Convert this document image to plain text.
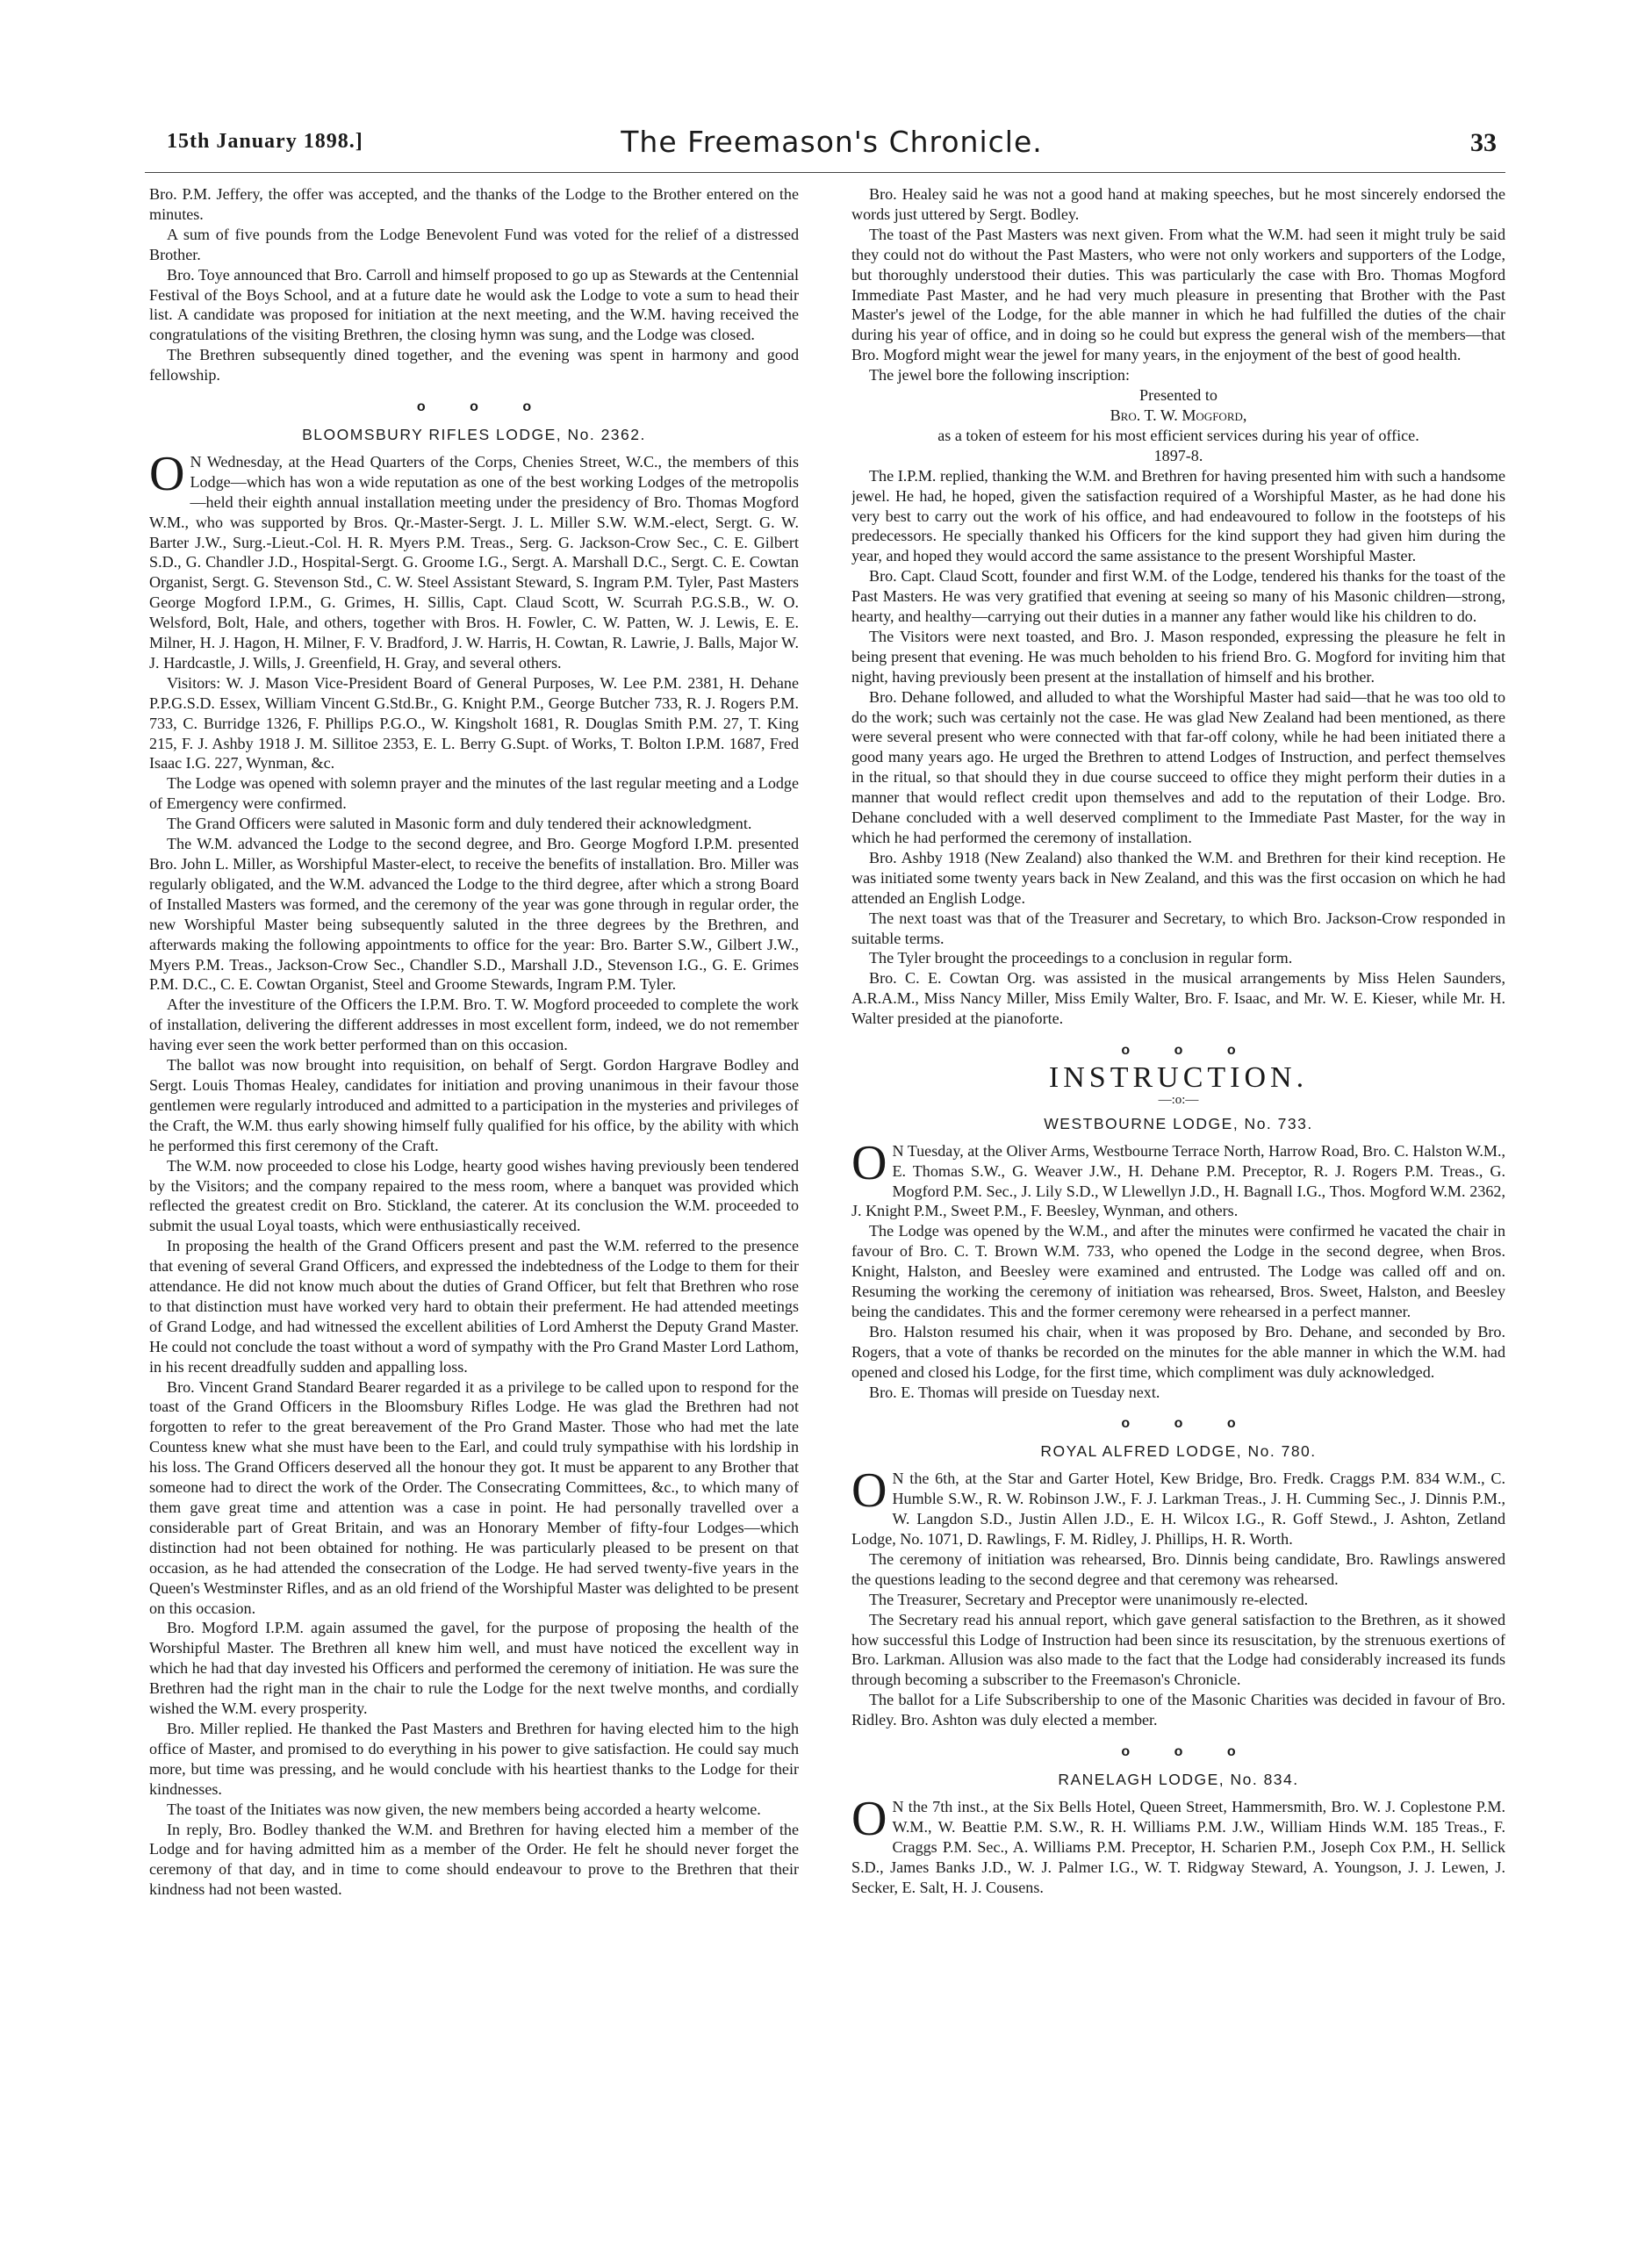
15th January 1898.]	The Freemason's Chronicle.	33

Bro. P.M. Jeffery, the offer was accepted, and the thanks of the Lodge to the Brother entered on the minutes.

A sum of five pounds from the Lodge Benevolent Fund was voted for the relief of a distressed Brother.

Bro. Toye announced that Bro. Carroll and himself proposed to go up as Stewards at the Centennial Festival of the Boys School, and at a future date he would ask the Lodge to vote a sum to head their list. A candidate was proposed for initiation at the next meeting, and the W.M. having received the congratulations of the visiting Brethren, the closing hymn was sung, and the Lodge was closed.

The Brethren subsequently dined together, and the evening was spent in harmony and good fellowship.

o o o
BLOOMSBURY RIFLES LODGE, No. 2362.

O N Wednesday, at the Head Quarters of the Corps, Chenies Street, W.C., the members of this Lodge—which has won a wide reputation as one of the best working Lodges of the metropolis—held their eighth annual installation meeting under the presidency of Bro. Thomas Mogford W.M., who was supported by Bros. Qr.-Master-Sergt. J. L. Miller S.W. W.M.-elect, Sergt. G. W. Barter J.W., Surg.-Lieut.-Col. H. R. Myers P.M. Treas., Serg. G. Jackson-Crow Sec., C. E. Gilbert S.D., G. Chandler J.D., Hospital-Sergt. G. Groome I.G., Sergt. A. Marshall D.C., Sergt. C. E. Cowtan Organist, Sergt. G. Stevenson Std., C. W. Steel Assistant Steward, S. Ingram P.M. Tyler, Past Masters George Mogford I.P.M., G. Grimes, H. Sillis, Capt. Claud Scott, W. Scurrah P.G.S.B., W. O. Welsford, Bolt, Hale, and others, together with Bros. H. Fowler, C. W. Patten, W. J. Lewis, E. E. Milner, H. J. Hagon, H. Milner, F. V. Bradford, J. W. Harris, H. Cowtan, R. Lawrie, J. Balls, Major W. J. Hardcastle, J. Wills, J. Greenfield, H. Gray, and several others.

Visitors: W. J. Mason Vice-President Board of General Purposes, W. Lee P.M. 2381, H. Dehane P.P.G.S.D. Essex, William Vincent G.Std.Br., G. Knight P.M., George Butcher 733, R. J. Rogers P.M. 733, C. Burridge 1326, F. Phillips P.G.O., W. Kingsholt 1681, R. Douglas Smith P.M. 27, T. King 215, F. J. Ashby 1918 J. M. Sillitoe 2353, E. L. Berry G.Supt. of Works, T. Bolton I.P.M. 1687, Fred Isaac I.G. 227, Wynman, &c.

The Lodge was opened with solemn prayer and the minutes of the last regular meeting and a Lodge of Emergency were confirmed.

The Grand Officers were saluted in Masonic form and duly tendered their acknowledgment.

The W.M. advanced the Lodge to the second degree, and Bro. George Mogford I.P.M. presented Bro. John L. Miller, as Worshipful Master-elect, to receive the benefits of installation. Bro. Miller was regularly obligated, and the W.M. advanced the Lodge to the third degree, after which a strong Board of Installed Masters was formed, and the ceremony of the year was gone through in regular order, the new Worshipful Master being subsequently saluted in the three degrees by the Brethren, and afterwards making the following appointments to office for the year: Bro. Barter S.W., Gilbert J.W., Myers P.M. Treas., Jackson-Crow Sec., Chandler S.D., Marshall J.D., Stevenson I.G., G. E. Grimes P.M. D.C., C. E. Cowtan Organist, Steel and Groome Stewards, Ingram P.M. Tyler.

After the investiture of the Officers the I.P.M. Bro. T. W. Mogford proceeded to complete the work of installation, delivering the different addresses in most excellent form, indeed, we do not remember having ever seen the work better performed than on this occasion.

The ballot was now brought into requisition, on behalf of Sergt. Gordon Hargrave Bodley and Sergt. Louis Thomas Healey, candidates for initiation and proving unanimous in their favour those gentlemen were regularly introduced and admitted to a participation in the mysteries and privileges of the Craft, the W.M. thus early showing himself fully qualified for his office, by the ability with which he performed this first ceremony of the Craft.

The W.M. now proceeded to close his Lodge, hearty good wishes having previously been tendered by the Visitors; and the company repaired to the mess room, where a banquet was provided which reflected the greatest credit on Bro. Stickland, the caterer. At its conclusion the W.M. proceeded to submit the usual Loyal toasts, which were enthusiastically received.

In proposing the health of the Grand Officers present and past the W.M. referred to the presence that evening of several Grand Officers, and expressed the indebtedness of the Lodge to them for their attendance. He did not know much about the duties of Grand Officer, but felt that Brethren who rose to that distinction must have worked very hard to obtain their preferment. He had attended meetings of Grand Lodge, and had witnessed the excellent abilities of Lord Amherst the Deputy Grand Master. He could not conclude the toast without a word of sympathy with the Pro Grand Master Lord Lathom, in his recent dreadfully sudden and appalling loss.

Bro. Vincent Grand Standard Bearer regarded it as a privilege to be called upon to respond for the toast of the Grand Officers in the Bloomsbury Rifles Lodge. He was glad the Brethren had not forgotten to refer to the great bereavement of the Pro Grand Master. Those who had met the late Countess knew what she must have been to the Earl, and could truly sympathise with his lordship in his loss. The Grand Officers deserved all the honour they got. It must be apparent to any Brother that someone had to direct the work of the Order. The Consecrating Committees, &c., to which many of them gave great time and attention was a case in point. He had personally travelled over a considerable part of Great Britain, and was an Honorary Member of fifty-four Lodges—which distinction had not been obtained for nothing. He was particularly pleased to be present on that occasion, as he had attended the consecration of the Lodge. He had served twenty-five years in the Queen's Westminster Rifles, and as an old friend of the Worshipful Master was delighted to be present on this occasion.

Bro. Mogford I.P.M. again assumed the gavel, for the purpose of proposing the health of the Worshipful Master. The Brethren all knew him well, and must have noticed the excellent way in which he had that day invested his Officers and performed the ceremony of initiation. He was sure the Brethren had the right man in the chair to rule the Lodge for the next twelve months, and cordially wished the W.M. every prosperity.

Bro. Miller replied. He thanked the Past Masters and Brethren for having elected him to the high office of Master, and promised to do everything in his power to give satisfaction. He could say much more, but time was pressing, and he would conclude with his heartiest thanks to the Lodge for their kindnesses.

The toast of the Initiates was now given, the new members being accorded a hearty welcome.

In reply, Bro. Bodley thanked the W.M. and Brethren for having elected him a member of the Lodge and for having admitted him as a member of the Order. He felt he should never forget the ceremony of that day, and in time to come should endeavour to prove to the Brethren that their kindness had not been wasted.

Bro. Healey said he was not a good hand at making speeches, but he most sincerely endorsed the words just uttered by Sergt. Bodley.

The toast of the Past Masters was next given. From what the W.M. had seen it might truly be said they could not do without the Past Masters, who were not only workers and supporters of the Lodge, but thoroughly understood their duties. This was particularly the case with Bro. Thomas Mogford Immediate Past Master, and he had very much pleasure in presenting that Brother with the Past Master's jewel of the Lodge, for the able manner in which he had fulfilled the duties of the chair during his year of office, and in doing so he could but express the general wish of the members—that Bro. Mogford might wear the jewel for many years, in the enjoyment of the best of good health.

The jewel bore the following inscription:

Presented to

Bro. T. W. Mogford,

as a token of esteem for his most efficient services during his year of office.

1897-8.

The I.P.M. replied, thanking the W.M. and Brethren for having presented him with such a handsome jewel. He had, he hoped, given the satisfaction required of a Worshipful Master, as he had done his very best to carry out the work of his office, and had endeavoured to follow in the footsteps of his predecessors. He specially thanked his Officers for the kind support they had given him during the year, and hoped they would accord the same assistance to the present Worshipful Master.

Bro. Capt. Claud Scott, founder and first W.M. of the Lodge, tendered his thanks for the toast of the Past Masters. He was very gratified that evening at seeing so many of his Masonic children—strong, hearty, and healthy—carrying out their duties in a manner any father would like his children to do.

The Visitors were next toasted, and Bro. J. Mason responded, expressing the pleasure he felt in being present that evening. He was much beholden to his friend Bro. G. Mogford for inviting him that night, having previously been present at the installation of himself and his brother.

Bro. Dehane followed, and alluded to what the Worshipful Master had said—that he was too old to do the work; such was certainly not the case. He was glad New Zealand had been mentioned, as there were several present who were connected with that far-off colony, while he had been initiated there a good many years ago. He urged the Brethren to attend Lodges of Instruction, and perfect themselves in the ritual, so that should they in due course succeed to office they might perform their duties in a manner that would reflect credit upon themselves and add to the reputation of their Lodge. Bro. Dehane concluded with a well deserved compliment to the Immediate Past Master, for the way in which he had performed the ceremony of installation.

Bro. Ashby 1918 (New Zealand) also thanked the W.M. and Brethren for their kind reception. He was initiated some twenty years back in New Zealand, and this was the first occasion on which he had attended an English Lodge.

The next toast was that of the Treasurer and Secretary, to which Bro. Jackson-Crow responded in suitable terms.

The Tyler brought the proceedings to a conclusion in regular form.

Bro. C. E. Cowtan Org. was assisted in the musical arrangements by Miss Helen Saunders, A.R.A.M., Miss Nancy Miller, Miss Emily Walter, Bro. F. Isaac, and Mr. W. E. Kieser, while Mr. H. Walter presided at the pianoforte.

o o o
INSTRUCTION.
—:o:—
WESTBOURNE LODGE, No. 733.

O N Tuesday, at the Oliver Arms, Westbourne Terrace North, Harrow Road, Bro. C. Halston W.M., E. Thomas S.W., G. Weaver J.W., H. Dehane P.M. Preceptor, R. J. Rogers P.M. Treas., G. Mogford P.M. Sec., J. Lily S.D., W Llewellyn J.D., H. Bagnall I.G., Thos. Mogford W.M. 2362, J. Knight P.M., Sweet P.M., F. Beesley, Wynman, and others.

The Lodge was opened by the W.M., and after the minutes were confirmed he vacated the chair in favour of Bro. C. T. Brown W.M. 733, who opened the Lodge in the second degree, when Bros. Knight, Halston, and Beesley were examined and entrusted. The Lodge was called off and on. Resuming the working the ceremony of initiation was rehearsed, Bros. Sweet, Halston, and Beesley being the candidates. This and the former ceremony were rehearsed in a perfect manner.

Bro. Halston resumed his chair, when it was proposed by Bro. Dehane, and seconded by Bro. Rogers, that a vote of thanks be recorded on the minutes for the able manner in which the W.M. had opened and closed his Lodge, for the first time, which compliment was duly acknowledged.

Bro. E. Thomas will preside on Tuesday next.

o o o
ROYAL ALFRED LODGE, No. 780.

O N the 6th, at the Star and Garter Hotel, Kew Bridge, Bro. Fredk. Craggs P.M. 834 W.M., C. Humble S.W., R. W. Robinson J.W., F. J. Larkman Treas., J. H. Cumming Sec., J. Dinnis P.M., W. Langdon S.D., Justin Allen J.D., E. H. Wilcox I.G., R. Goff Stewd., J. Ashton, Zetland Lodge, No. 1071, D. Rawlings, F. M. Ridley, J. Phillips, H. R. Worth.

The ceremony of initiation was rehearsed, Bro. Dinnis being candidate, Bro. Rawlings answered the questions leading to the second degree and that ceremony was rehearsed.

The Treasurer, Secretary and Preceptor were unanimously re-elected.

The Secretary read his annual report, which gave general satisfaction to the Brethren, as it showed how successful this Lodge of Instruction had been since its resuscitation, by the strenuous exertions of Bro. Larkman. Allusion was also made to the fact that the Lodge had considerably increased its funds through becoming a subscriber to the Freemason's Chronicle.

The ballot for a Life Subscribership to one of the Masonic Charities was decided in favour of Bro. Ridley. Bro. Ashton was duly elected a member.

o o o
RANELAGH LODGE, No. 834.

O N the 7th inst., at the Six Bells Hotel, Queen Street, Hammersmith, Bro. W. J. Coplestone P.M. W.M., W. Beattie P.M. S.W., R. H. Williams P.M. J.W., William Hinds W.M. 185 Treas., F. Craggs P.M. Sec., A. Williams P.M. Preceptor, H. Scharien P.M., Joseph Cox P.M., H. Sellick S.D., James Banks J.D., W. J. Palmer I.G., W. T. Ridgway Steward, A. Youngson, J. J. Lewen, J. Secker, E. Salt, H. J. Cousens.
